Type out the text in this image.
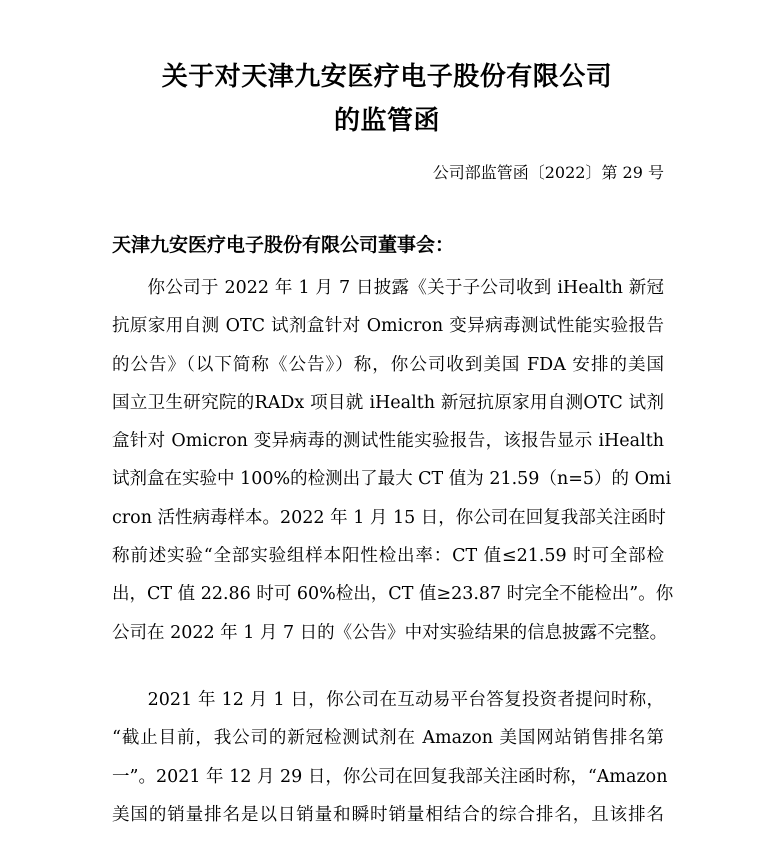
关于对天津九安医疗电子股份有限公司
的监管函
公司部监管函〔2022〕第 29 号
天津九安医疗电子股份有限公司董事会：
　　你公司于 2022 年 1 月 7 日披露《关于子公司收到 iHealth 新冠
抗原家用自测 OTC 试剂盒针对 Omicron 变异病毒测试性能实验报告
的公告》（以下简称《公告》）称，你公司收到美国 FDA 安排的美国
国立卫生研究院的RADx 项目就 iHealth 新冠抗原家用自测OTC 试剂
盒针对 Omicron 变异病毒的测试性能实验报告，该报告显示 iHealth
试剂盒在实验中 100%的检测出了最大 CT 值为 21.59（n=5）的 Omi
cron 活性病毒样本。2022 年 1 月 15 日，你公司在回复我部关注函时
称前述实验“全部实验组样本阳性检出率：CT 值≤21.59 时可全部检
出，CT 值 22.86 时可 60%检出，CT 值≥23.87 时完全不能检出”。你
公司在 2022 年 1 月 7 日的《公告》中对实验结果的信息披露不完整。
　　2021 年 12 月 1 日，你公司在互动易平台答复投资者提问时称，
“截止目前，我公司的新冠检测试剂在 Amazon 美国网站销售排名第
一”。2021 年 12 月 29 日，你公司在回复我部关注函时称，“Amazon
美国的销量排名是以日销量和瞬时销量相结合的综合排名，且该排名
